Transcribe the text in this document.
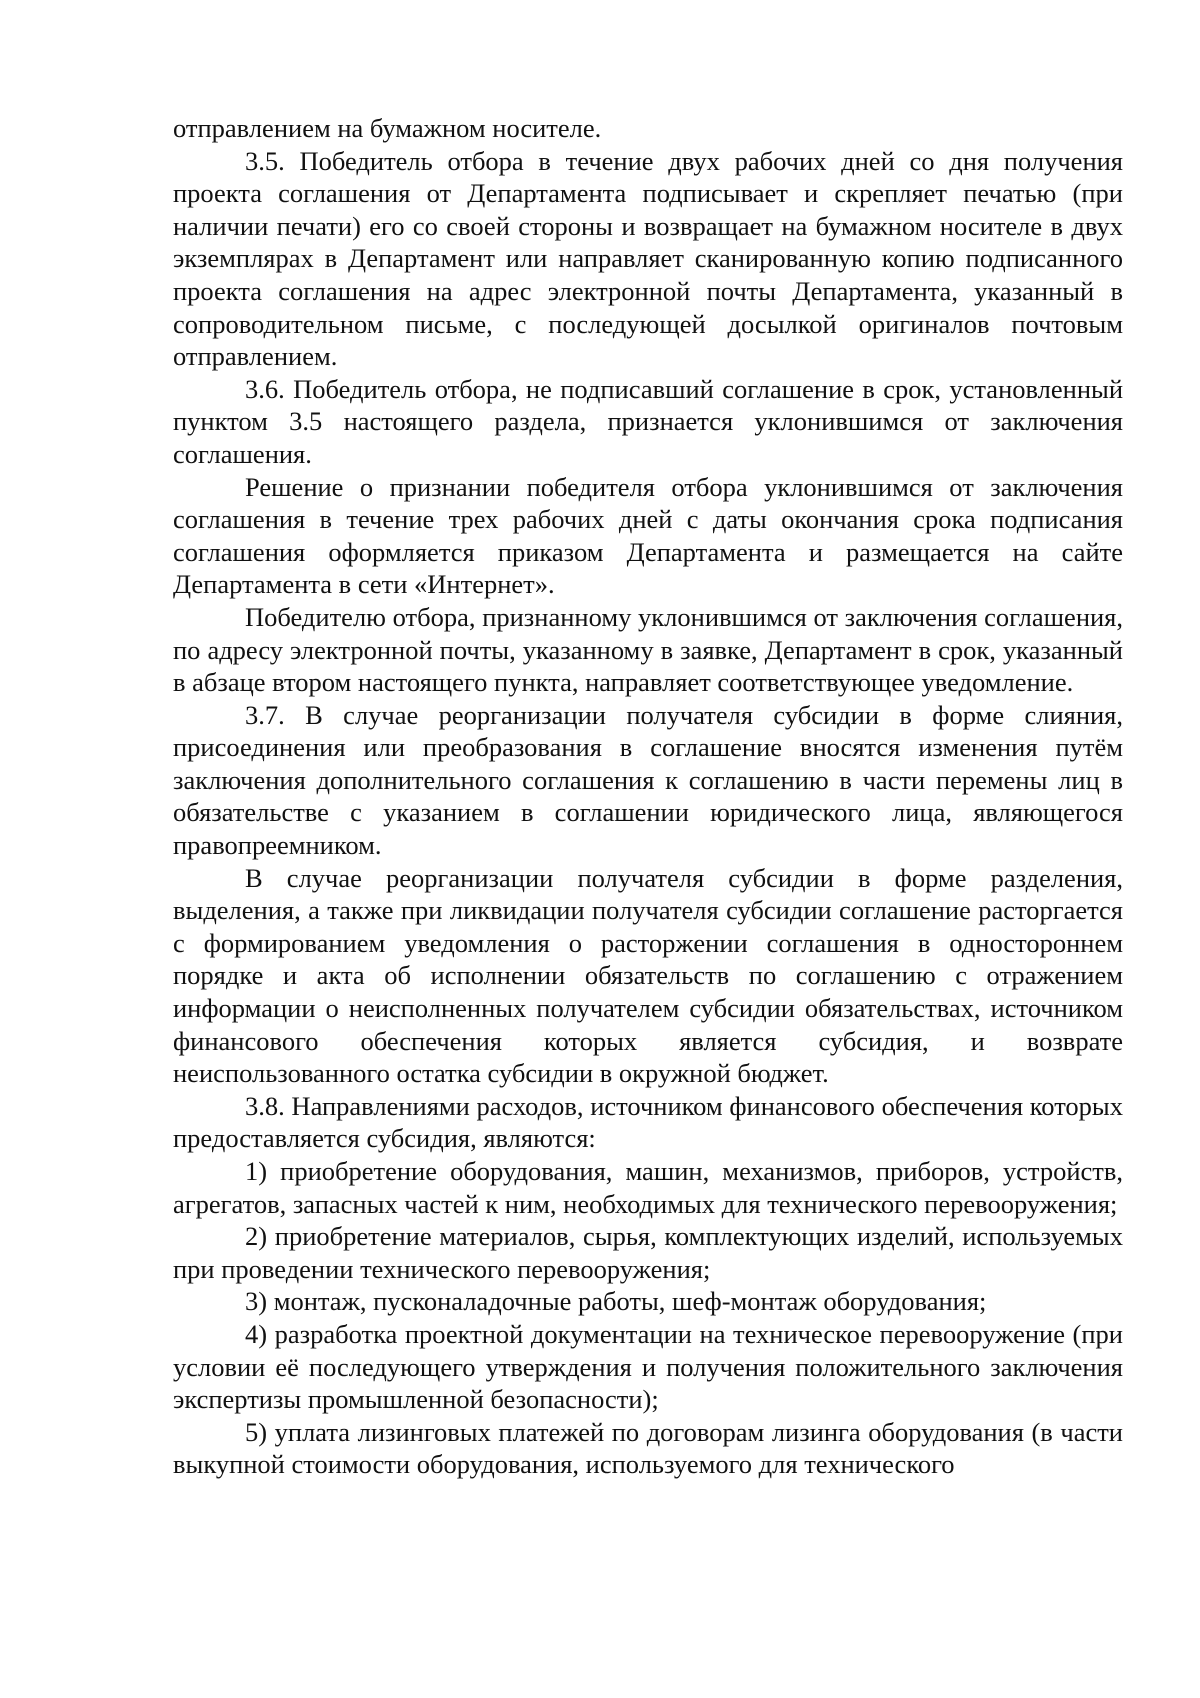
отправлением на бумажном носителе.

3.5. Победитель отбора в течение двух рабочих дней со дня получения проекта соглашения от Департамента подписывает и скрепляет печатью (при наличии печати) его со своей стороны и возвращает на бумажном носителе в двух экземплярах в Департамент или направляет сканированную копию подписанного проекта соглашения на адрес электронной почты Департамента, указанный в сопроводительном письме, с последующей досылкой оригиналов почтовым отправлением.

3.6. Победитель отбора, не подписавший соглашение в срок, установленный пунктом 3.5 настоящего раздела, признается уклонившимся от заключения соглашения.

Решение о признании победителя отбора уклонившимся от заключения соглашения в течение трех рабочих дней с даты окончания срока подписания соглашения оформляется приказом Департамента и размещается на сайте Департамента в сети «Интернет».

Победителю отбора, признанному уклонившимся от заключения соглашения, по адресу электронной почты, указанному в заявке, Департамент в срок, указанный в абзаце втором настоящего пункта, направляет соответствующее уведомление.

3.7. В случае реорганизации получателя субсидии в форме слияния, присоединения или преобразования в соглашение вносятся изменения путём заключения дополнительного соглашения к соглашению в части перемены лиц в обязательстве с указанием в соглашении юридического лица, являющегося правопреемником.

В случае реорганизации получателя субсидии в форме разделения, выделения, а также при ликвидации получателя субсидии соглашение расторгается с формированием уведомления о расторжении соглашения в одностороннем порядке и акта об исполнении обязательств по соглашению с отражением информации о неисполненных получателем субсидии обязательствах, источником финансового обеспечения которых является субсидия, и возврате неиспользованного остатка субсидии в окружной бюджет.

3.8. Направлениями расходов, источником финансового обеспечения которых предоставляется субсидия, являются:

1) приобретение оборудования, машин, механизмов, приборов, устройств, агрегатов, запасных частей к ним, необходимых для технического перевооружения;

2) приобретение материалов, сырья, комплектующих изделий, используемых при проведении технического перевооружения;

3) монтаж, пусконаладочные работы, шеф-монтаж оборудования;

4) разработка проектной документации на техническое перевооружение (при условии её последующего утверждения и получения положительного заключения экспертизы промышленной безопасности);

5) уплата лизинговых платежей по договорам лизинга оборудования (в части выкупной стоимости оборудования, используемого для технического
